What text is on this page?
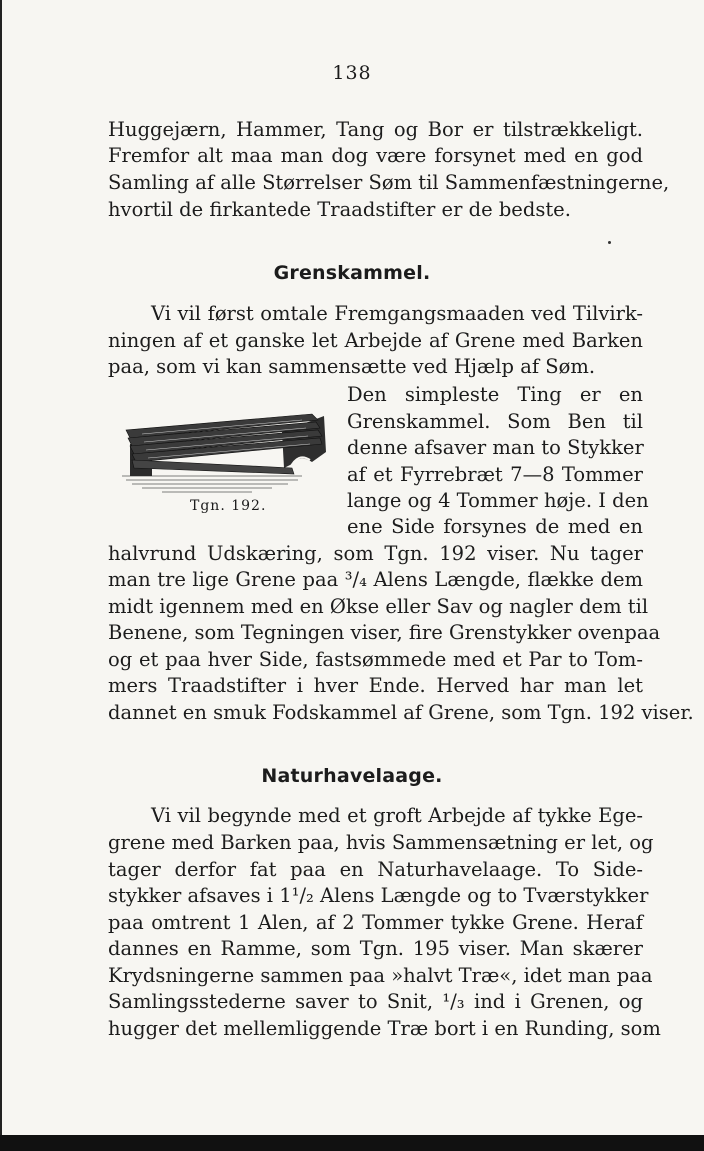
138
Huggejærn, Hammer, Tang og Bor er tilstrækkeligt.
Fremfor alt maa man dog være forsynet med en god
Samling af alle Størrelser Søm til Sammenfæstningerne,
hvortil de firkantede Traadstifter er de bedste.
Grenskammel.
Vi vil først omtale Fremgangsmaaden ved Tilvirk-
ningen af et ganske let Arbejde af Grene med Barken
paa, som vi kan sammensætte ved Hjælp af Søm.
Tgn. 192.
Den simpleste Ting er en
Grenskammel. Som Ben til
denne afsaver man to Stykker
af et Fyrrebræt 7—8 Tommer
lange og 4 Tommer høje. I den
ene Side forsynes de med en
halvrund Udskæring, som Tgn. 192 viser. Nu tager
man tre lige Grene paa ³/₄ Alens Længde, flække dem
midt igennem med en Økse eller Sav og nagler dem til
Benene, som Tegningen viser, fire Grenstykker ovenpaa
og et paa hver Side, fastsømmede med et Par to Tom-
mers Traadstifter i hver Ende. Herved har man let
dannet en smuk Fodskammel af Grene, som Tgn. 192 viser.
Naturhavelaage.
Vi vil begynde med et groft Arbejde af tykke Ege-
grene med Barken paa, hvis Sammensætning er let, og
tager derfor fat paa en Naturhavelaage. To Side-
stykker afsaves i 1¹/₂ Alens Længde og to Tværstykker
paa omtrent 1 Alen, af 2 Tommer tykke Grene. Heraf
dannes en Ramme, som Tgn. 195 viser. Man skærer
Krydsningerne sammen paa »halvt Træ«, idet man paa
Samlingsstederne saver to Snit, ¹/₃ ind i Grenen, og
hugger det mellemliggende Træ bort i en Runding, som
